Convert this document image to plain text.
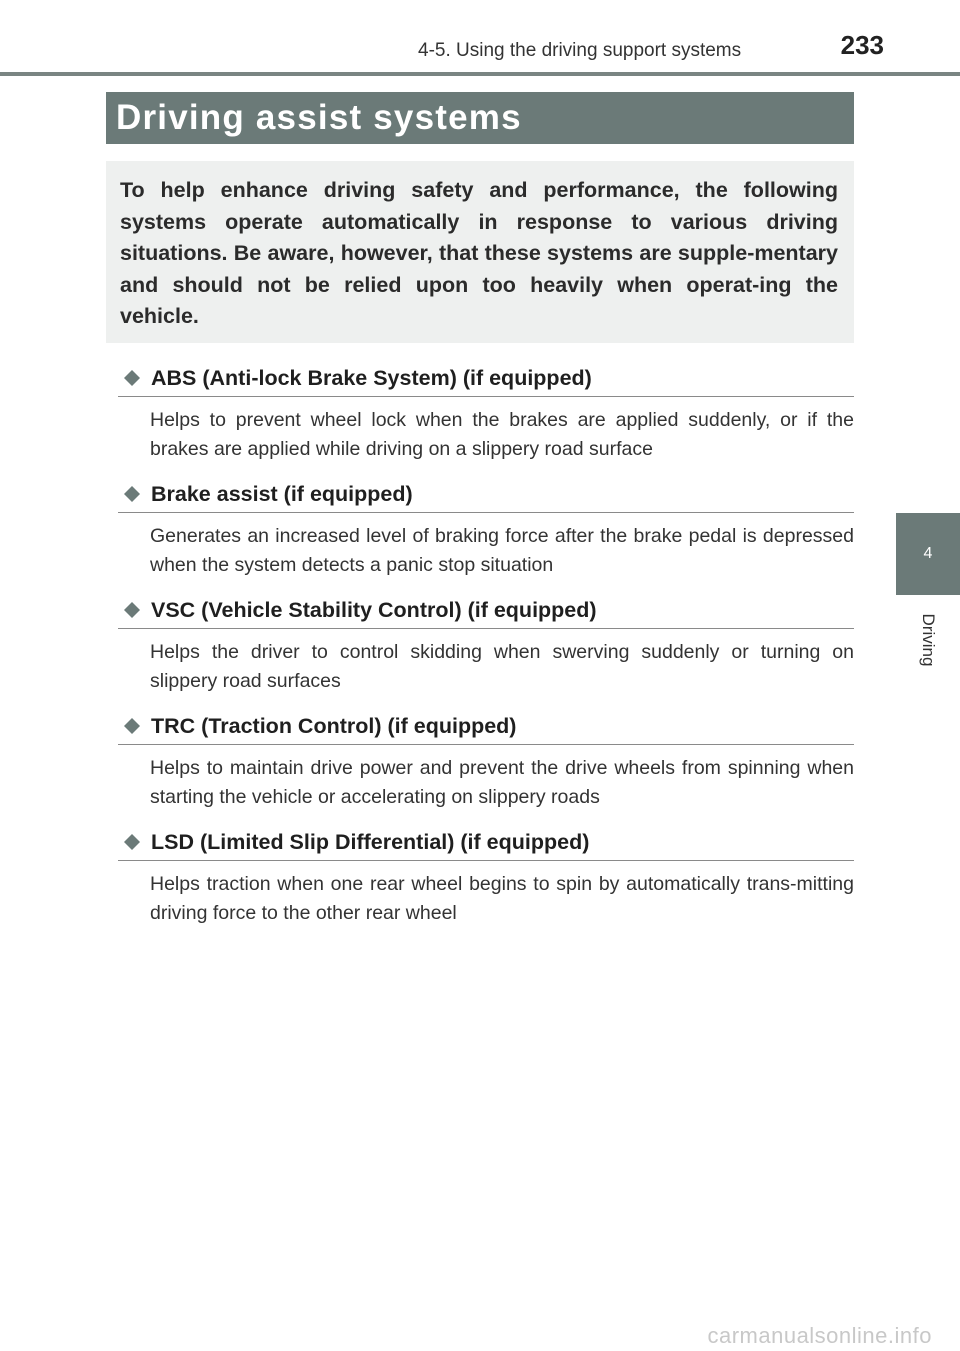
4-5. Using the driving support systems	233
Driving assist systems

To help enhance driving safety and performance, the following systems operate automatically in response to various driving situations. Be aware, however, that these systems are supple-mentary and should not be relied upon too heavily when operat-ing the vehicle.

ABS (Anti-lock Brake System) (if equipped)
Helps to prevent wheel lock when the brakes are applied suddenly, or if the brakes are applied while driving on a slippery road surface
Brake assist (if equipped)
Generates an increased level of braking force after the brake pedal is depressed when the system detects a panic stop situation
VSC (Vehicle Stability Control) (if equipped)
Helps the driver to control skidding when swerving suddenly or turning on slippery road surfaces
TRC (Traction Control) (if equipped)
Helps to maintain drive power and prevent the drive wheels from spinning when starting the vehicle or accelerating on slippery roads
LSD (Limited Slip Differential) (if equipped)
Helps traction when one rear wheel begins to spin by automatically trans-mitting driving force to the other rear wheel
4
Driving
carmanualsonline.info
